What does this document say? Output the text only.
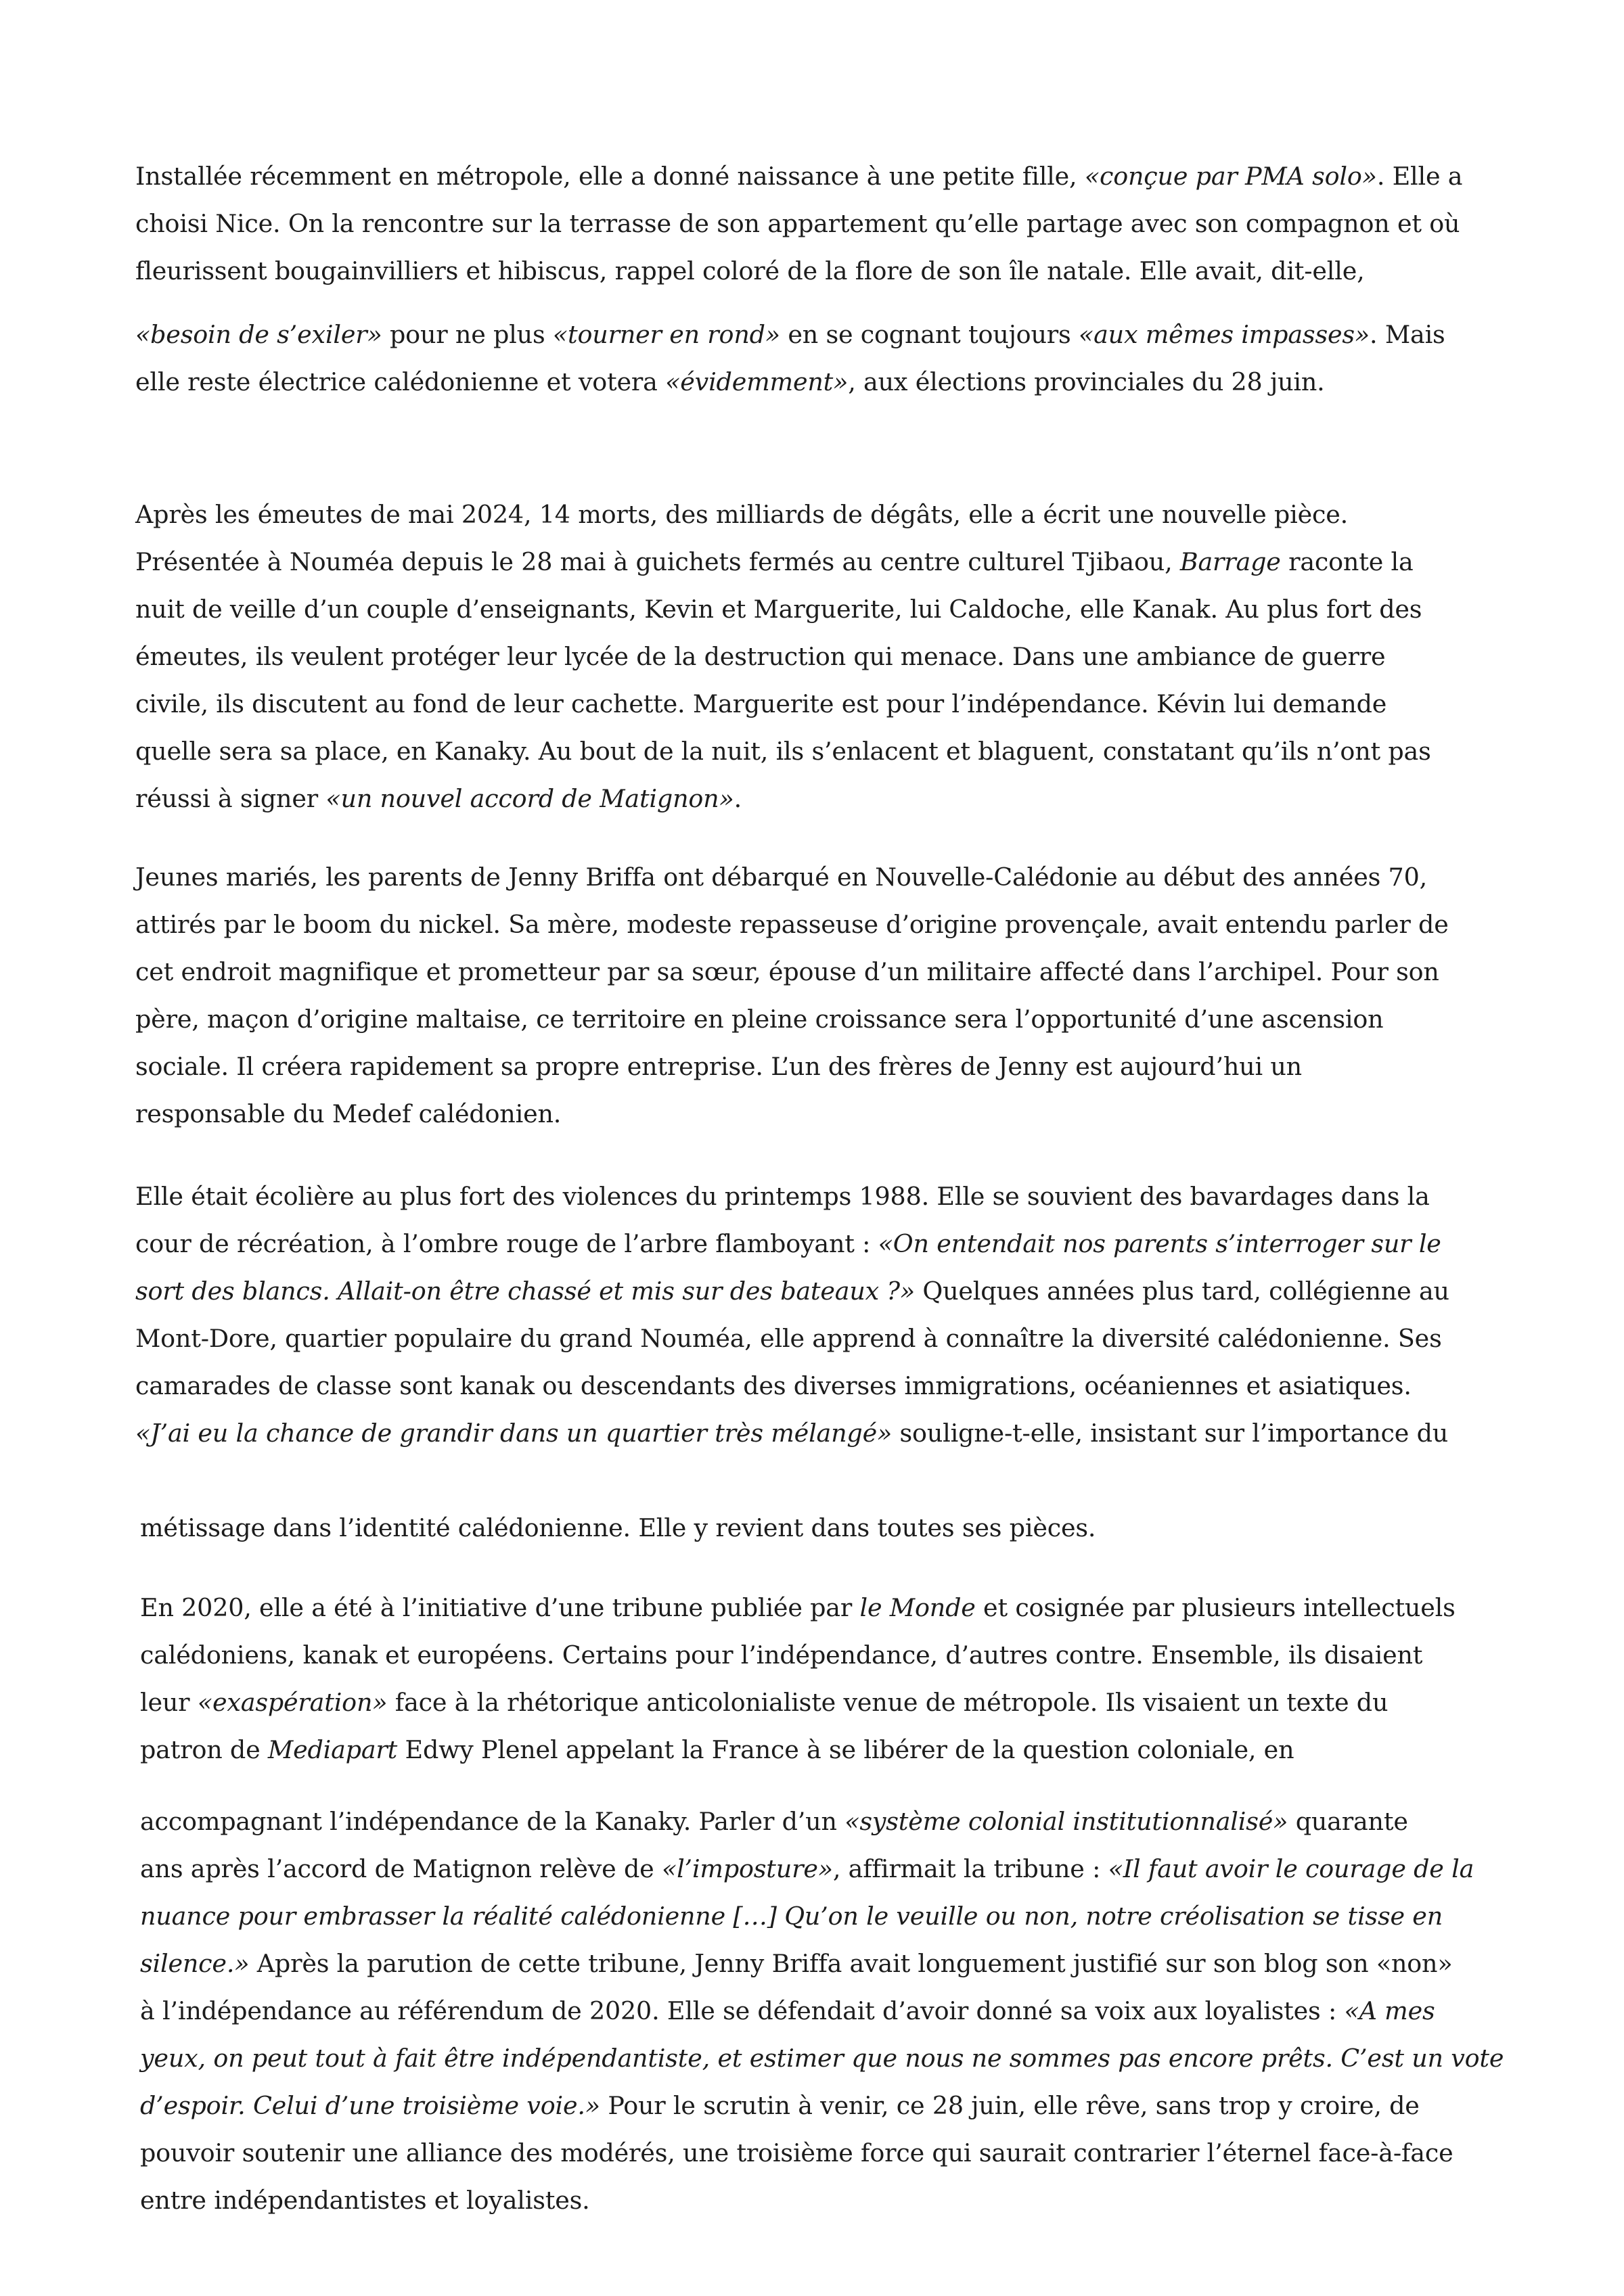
Installée récemment en métropole, elle a donné naissance à une petite fille, «conçue par PMA solo». Elle a
choisi Nice. On la rencontre sur la terrasse de son appartement qu’elle partage avec son compagnon et où
fleurissent bougainvilliers et hibiscus, rappel coloré de la flore de son île natale. Elle avait, dit-elle,

«besoin de s’exiler» pour ne plus «tourner en rond» en se cognant toujours «aux mêmes impasses». Mais
elle reste électrice calédonienne et votera «évidemment», aux élections provinciales du 28 juin.

Après les émeutes de mai 2024, 14 morts, des milliards de dégâts, elle a écrit une nouvelle pièce.
Présentée à Nouméa depuis le 28 mai à guichets fermés au centre culturel Tjibaou, Barrage raconte la
nuit de veille d’un couple d’enseignants, Kevin et Marguerite, lui Caldoche, elle Kanak. Au plus fort des
émeutes, ils veulent protéger leur lycée de la destruction qui menace. Dans une ambiance de guerre
civile, ils discutent au fond de leur cachette. Marguerite est pour l’indépendance. Kévin lui demande
quelle sera sa place, en Kanaky. Au bout de la nuit, ils s’enlacent et blaguent, constatant qu’ils n’ont pas
réussi à signer «un nouvel accord de Matignon».

Jeunes mariés, les parents de Jenny Briffa ont débarqué en Nouvelle-Calédonie au début des années 70,
attirés par le boom du nickel. Sa mère, modeste repasseuse d’origine provençale, avait entendu parler de
cet endroit magnifique et prometteur par sa sœur, épouse d’un militaire affecté dans l’archipel. Pour son
père, maçon d’origine maltaise, ce territoire en pleine croissance sera l’opportunité d’une ascension
sociale. Il créera rapidement sa propre entreprise. L’un des frères de Jenny est aujourd’hui un
responsable du Medef calédonien.

Elle était écolière au plus fort des violences du printemps 1988. Elle se souvient des bavardages dans la
cour de récréation, à l’ombre rouge de l’arbre flamboyant : «On entendait nos parents s’interroger sur le
sort des blancs. Allait-on être chassé et mis sur des bateaux ?» Quelques années plus tard, collégienne au
Mont-Dore, quartier populaire du grand Nouméa, elle apprend à connaître la diversité calédonienne. Ses
camarades de classe sont kanak ou descendants des diverses immigrations, océaniennes et asiatiques.
«J’ai eu la chance de grandir dans un quartier très mélangé» souligne-t-elle, insistant sur l’importance du

métissage dans l’identité calédonienne. Elle y revient dans toutes ses pièces.

En 2020, elle a été à l’initiative d’une tribune publiée par le Monde et cosignée par plusieurs intellectuels
calédoniens, kanak et européens. Certains pour l’indépendance, d’autres contre. Ensemble, ils disaient
leur «exaspération» face à la rhétorique anticolonialiste venue de métropole. Ils visaient un texte du
patron de Mediapart Edwy Plenel appelant la France à se libérer de la question coloniale, en

accompagnant l’indépendance de la Kanaky. Parler d’un «système colonial institutionnalisé» quarante
ans après l’accord de Matignon relève de «l’imposture», affirmait la tribune : «Il faut avoir le courage de la
nuance pour embrasser la réalité calédonienne […] Qu’on le veuille ou non, notre créolisation se tisse en
silence.» Après la parution de cette tribune, Jenny Briffa avait longuement justifié sur son blog son «non»
à l’indépendance au référendum de 2020. Elle se défendait d’avoir donné sa voix aux loyalistes : «A mes
yeux, on peut tout à fait être indépendantiste, et estimer que nous ne sommes pas encore prêts. C’est un vote
d’espoir. Celui d’une troisième voie.» Pour le scrutin à venir, ce 28 juin, elle rêve, sans trop y croire, de
pouvoir soutenir une alliance des modérés, une troisième force qui saurait contrarier l’éternel face-à-face
entre indépendantistes et loyalistes.
